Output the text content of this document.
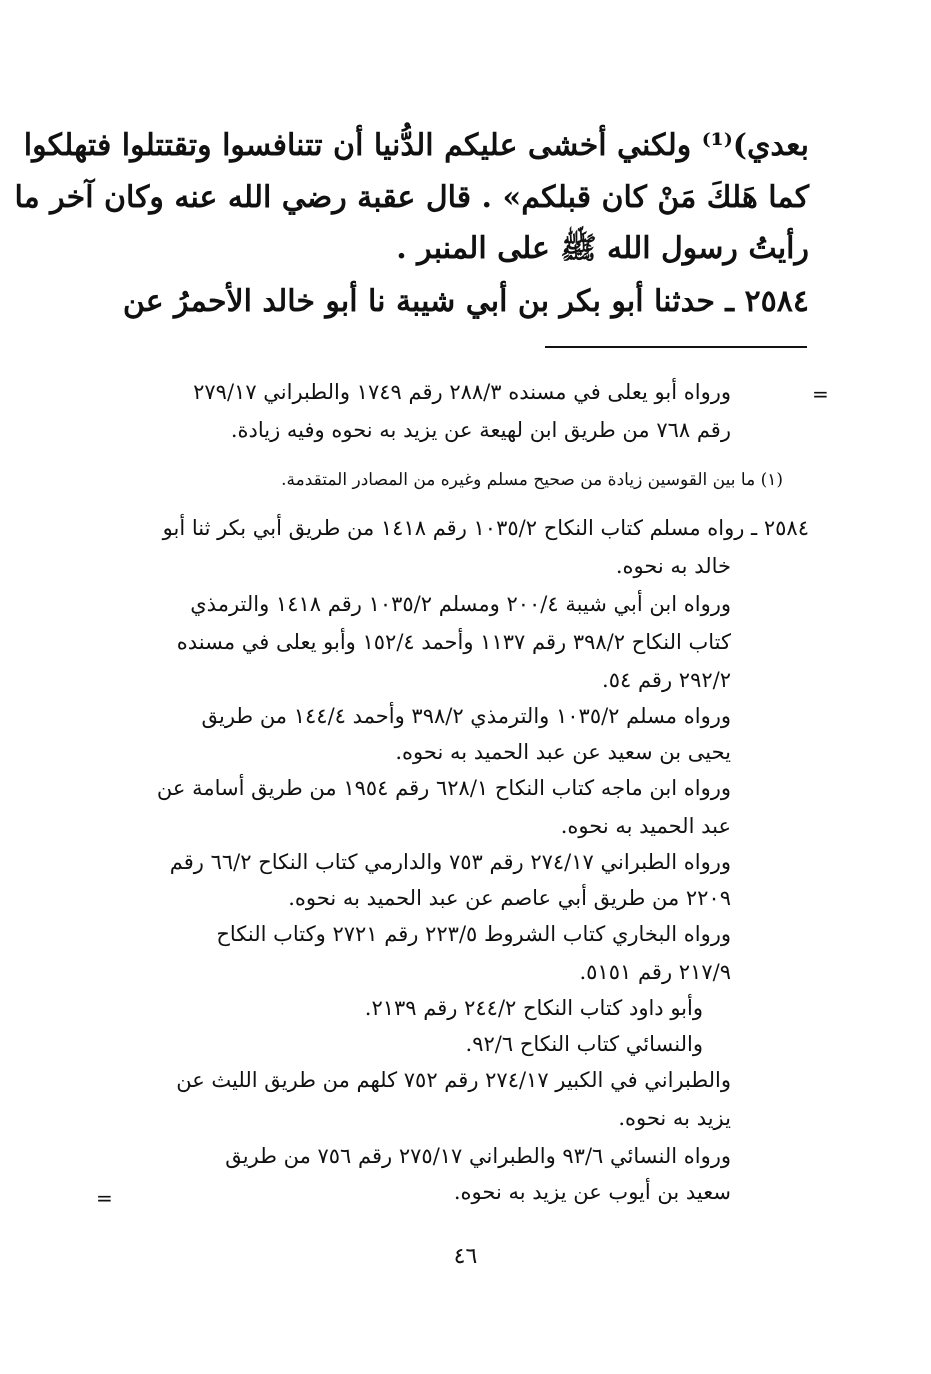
بعدي)⁽¹⁾ ولكني أخشى عليكم الدُّنيا أن تتنافسوا وتقتتلوا فتهلكوا
كما هَلكَ مَنْ كان قبلكم» . قال عقبة رضي الله عنه وكان آخر ما
رأيتُ رسول الله ﷺ على المنبر .
٢٥٨٤ ـ حدثنا أبو بكر بن أبي شيبة نا أبو خالد الأحمرُ عن
=
ورواه أبو يعلى في مسنده ٢٨٨/٣ رقم ١٧٤٩ والطبراني ٢٧٩/١٧
رقم ٧٦٨ من طريق ابن لهيعة عن يزيد به نحوه وفيه زيادة.
(١) ما بين القوسين زيادة من صحيح مسلم وغيره من المصادر المتقدمة.
٢٥٨٤ ـ رواه مسلم كتاب النكاح ١٠٣٥/٢ رقم ١٤١٨ من طريق أبي بكر ثنا أبو
خالد به نحوه.
ورواه ابن أبي شيبة ٢٠٠/٤ ومسلم ١٠٣٥/٢ رقم ١٤١٨ والترمذي
كتاب النكاح ٣٩٨/٢ رقم ١١٣٧ وأحمد ١٥٢/٤ وأبو يعلى في مسنده
٢٩٢/٢ رقم ٥٤.
ورواه مسلم ١٠٣٥/٢ والترمذي ٣٩٨/٢ وأحمد ١٤٤/٤ من طريق
يحيى بن سعيد عن عبد الحميد به نحوه.
ورواه ابن ماجه كتاب النكاح ٦٢٨/١ رقم ١٩٥٤ من طريق أسامة عن
عبد الحميد به نحوه.
ورواه الطبراني ٢٧٤/١٧ رقم ٧٥٣ والدارمي كتاب النكاح ٦٦/٢ رقم
٢٢٠٩ من طريق أبي عاصم عن عبد الحميد به نحوه.
ورواه البخاري كتاب الشروط ٢٢٣/٥ رقم ٢٧٢١ وكتاب النكاح
٢١٧/٩ رقم ٥١٥١.
وأبو داود كتاب النكاح ٢٤٤/٢ رقم ٢١٣٩.
والنسائي كتاب النكاح ٩٢/٦.
والطبراني في الكبير ٢٧٤/١٧ رقم ٧٥٢ كلهم من طريق الليث عن
يزيد به نحوه.
ورواه النسائي ٩٣/٦ والطبراني ٢٧٥/١٧ رقم ٧٥٦ من طريق
سعيد بن أيوب عن يزيد به نحوه.
=
٤٦
